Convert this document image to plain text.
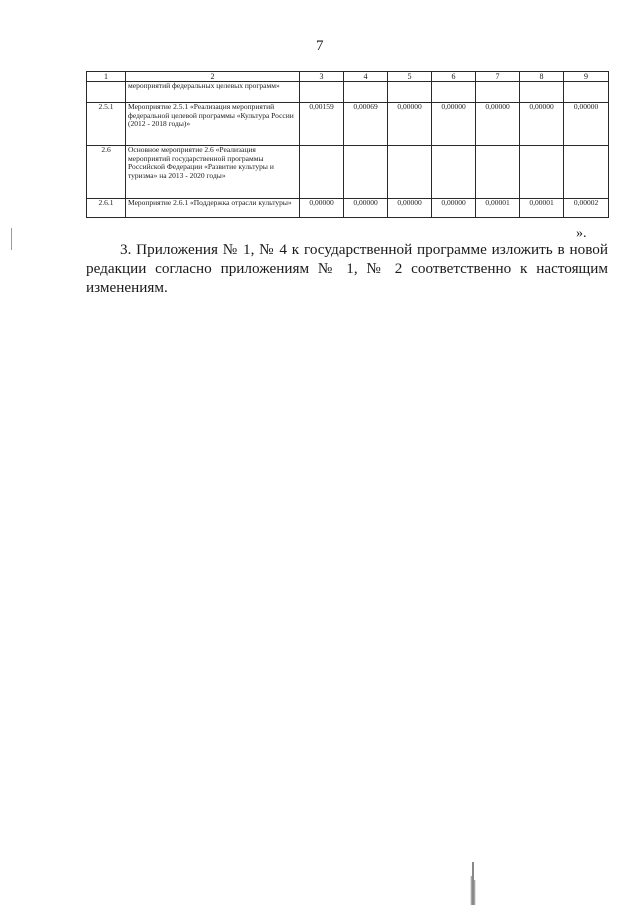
7
1	2	3	4	5	6	7	8	9
	мероприятий федеральных целевых программ»							
2.5.1	Мероприятие 2.5.1 «Реализация мероприятий федеральной целевой программы «Культура России (2012 - 2018 годы)»	0,00159	0,00069	0,00000	0,00000	0,00000	0,00000	0,00000
2.6	Основное мероприятие 2.6 «Реализация мероприятий государственной программы Российской Федерации «Развитие культуры и туризма» на 2013 - 2020 годы»							
2.6.1	Мероприятие 2.6.1 «Поддержка отрасли культуры»	0,00000	0,00000	0,00000	0,00000	0,00001	0,00001	0,00002
».
3. Приложения № 1, № 4 к государственной программе изложить в новой редакции согласно приложениям № 1, № 2 соответственно к настоящим изменениям.
